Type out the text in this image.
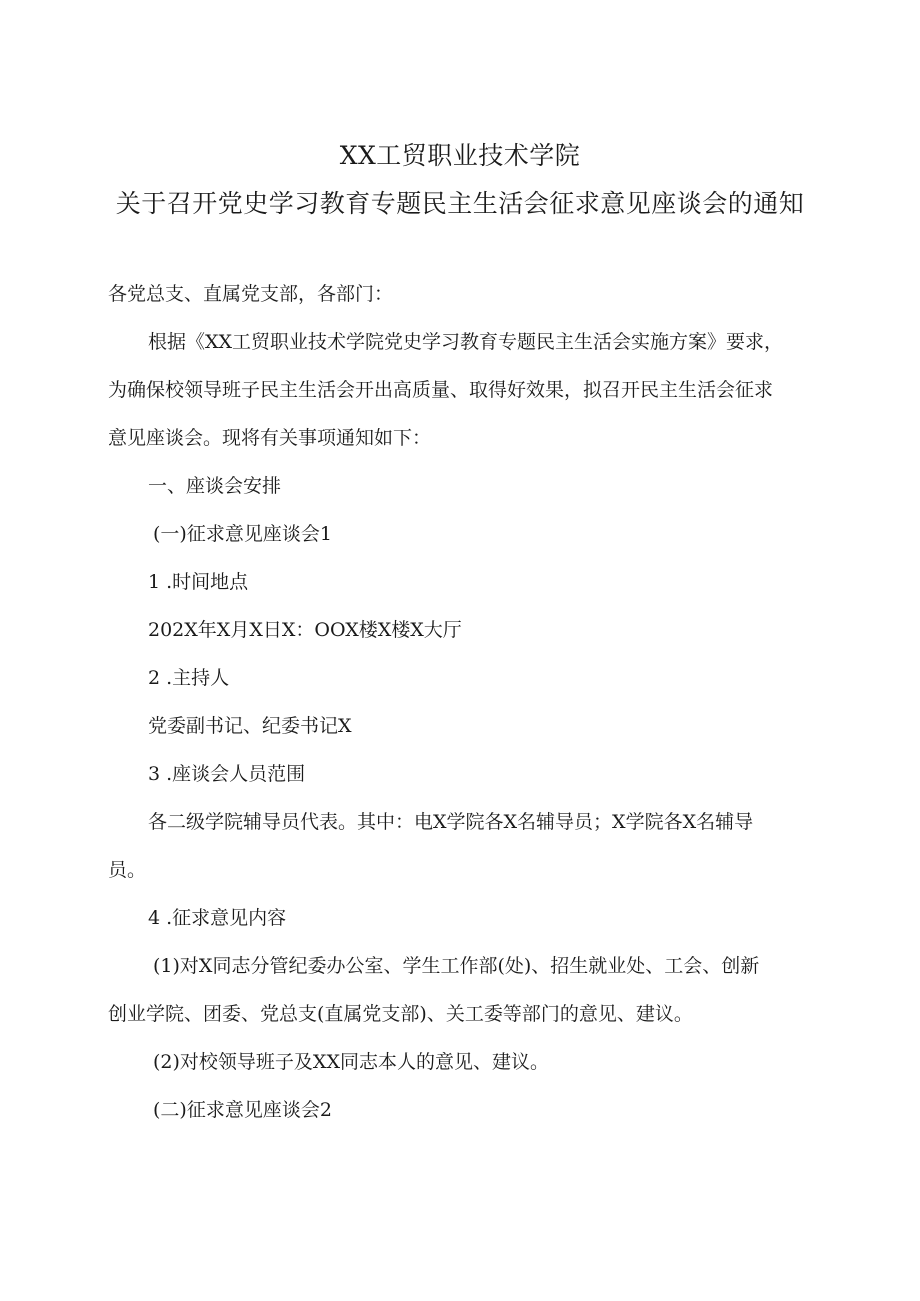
XX工贸职业技术学院
关于召开党史学习教育专题民主生活会征求意见座谈会的通知
各党总支、直属党支部，各部门：
根据《XX工贸职业技术学院党史学习教育专题民主生活会实施方案》要求，
为确保校领导班子民主生活会开出高质量、取得好效果，拟召开民主生活会征求
意见座谈会。现将有关事项通知如下：
一、座谈会安排
(一)征求意见座谈会1
1 .时间地点
202X年X月X日X：OOX楼X楼X大厅
2 .主持人
党委副书记、纪委书记X
3 .座谈会人员范围
各二级学院辅导员代表。其中：电X学院各X名辅导员；X学院各X名辅导
员。
4 .征求意见内容
(1)对X同志分管纪委办公室、学生工作部(处)、招生就业处、工会、创新
创业学院、团委、党总支(直属党支部)、关工委等部门的意见、建议。
(2)对校领导班子及XX同志本人的意见、建议。
(二)征求意见座谈会2
